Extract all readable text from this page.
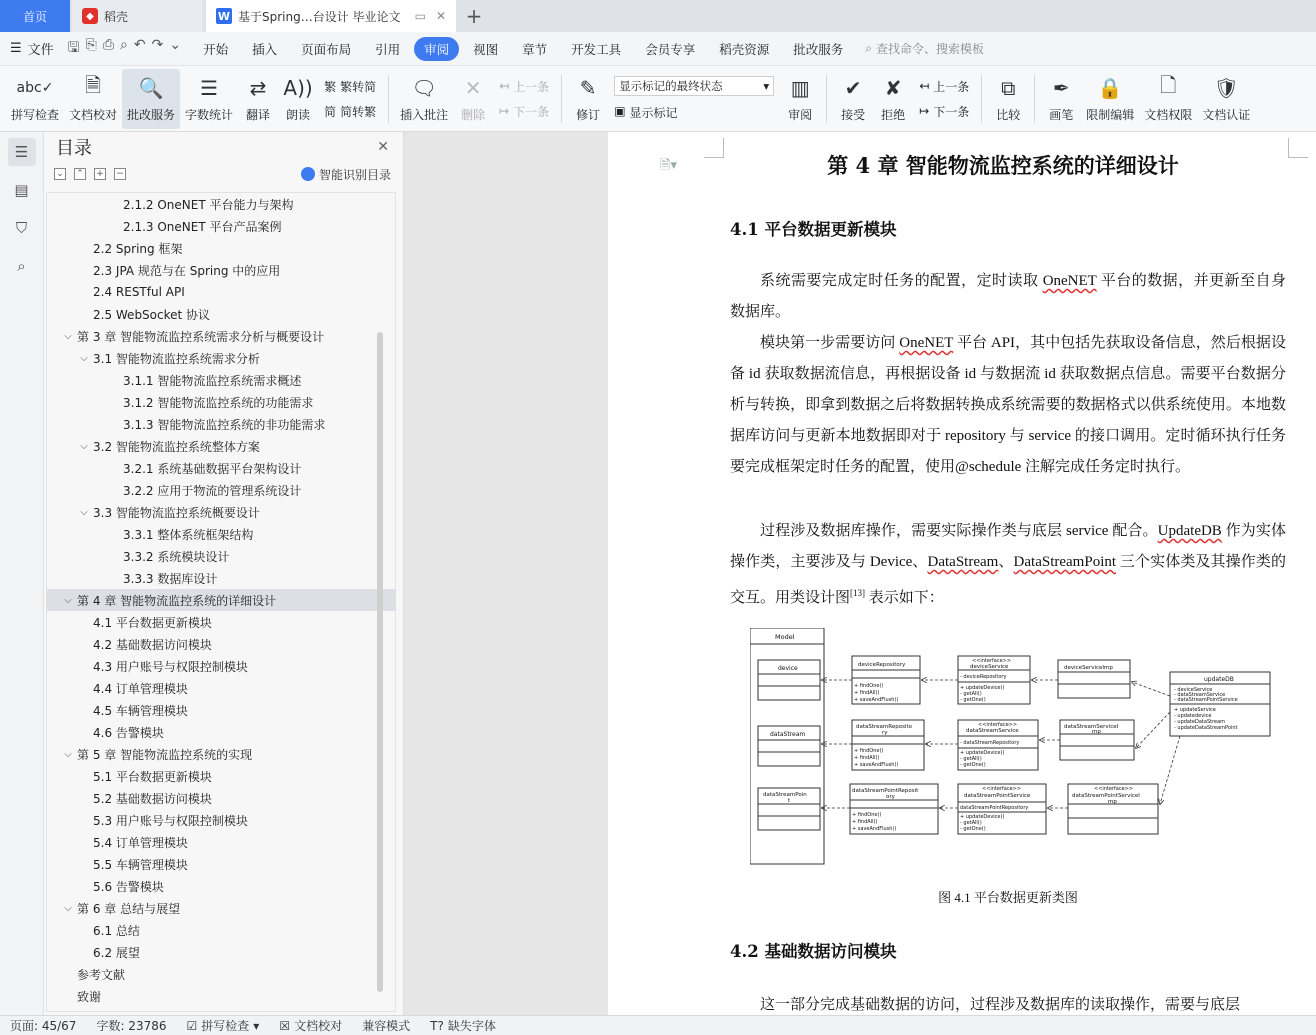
首页	◆ 稻壳	W 基于Spring…台设计 毕业论文	▭ ✕ +
☰ 文件 🖫 ⎘ ⎙ ⌕ ↶ ↷ ⌄	开始	插入	页面布局	引用	审阅	视图	章节	开发工具	会员专享	稻壳资源	批改服务	⌕ 查找命令、搜索模板
abc✓
拼写检查
🗎
文档校对
🔍
批改服务
☰
字数统计
⇄
翻译
A))
朗读
繁 繁转简
简 简转繁
🗨
插入批注
✕
删除
↤ 上一条
↦ 下一条
✎
修订
显示标记的最终状态	▾
▣ 显示标记
▥
审阅
✔
接受
✘
拒绝
↤ 上一条
↦ 下一条
⧉
比较
✒
画笔
🔒
限制编辑
🗋
文档权限
🛡
文档认证
☰
▤
⛉
⌕
目录	✕
⌄ ⌃ + −	智能识别目录
2.1.2 OneNET 平台能力与架构
2.1.3 OneNET 平台产品案例
2.2 Spring 框架
2.3 JPA 规范与在 Spring 中的应用
2.4 RESTful API
2.5 WebSocket 协议
⌵ 第 3 章 智能物流监控系统需求分析与概要设计
⌵ 3.1 智能物流监控系统需求分析
3.1.1 智能物流监控系统需求概述
3.1.2 智能物流监控系统的功能需求
3.1.3 智能物流监控系统的非功能需求
⌵ 3.2 智能物流监控系统整体方案
3.2.1 系统基础数据平台架构设计
3.2.2 应用于物流的管理系统设计
⌵ 3.3 智能物流监控系统概要设计
3.3.1 整体系统框架结构
3.3.2 系统模块设计
3.3.3 数据库设计
⌵ 第 4 章 智能物流监控系统的详细设计
4.1 平台数据更新模块
4.2 基础数据访问模块
4.3 用户账号与权限控制模块
4.4 订单管理模块
4.5 车辆管理模块
4.6 告警模块
⌵ 第 5 章 智能物流监控系统的实现
5.1 平台数据更新模块
5.2 基础数据访问模块
5.3 用户账号与权限控制模块
5.4 订单管理模块
5.5 车辆管理模块
5.6 告警模块
⌵ 第 6 章 总结与展望
6.1 总结
6.2 展望
参考文献
致谢
第 4 章 智能物流监控系统的详细设计
4.1 平台数据更新模块
系统需要完成定时任务的配置，定时读取 OneNET 平台的数据，并更新至自身数据库。
模块第一步需要访问 OneNET 平台 API，其中包括先获取设备信息，然后根据设备 id 获取数据流信息，再根据设备 id 与数据流 id 获取数据点信息。需要平台数据分析与转换，即拿到数据之后将数据转换成系统需要的数据格式以供系统使用。本地数据库访问与更新本地数据即对于 repository 与 service 的接口调用。定时循环执行任务要完成框架定时任务的配置，使用@schedule 注解完成任务定时执行。
过程涉及数据库操作，需要实际操作类与底层 service 配合。UpdateDB 作为实体操作类，主要涉及与 Device、DataStream、DataStreamPoint 三个实体类及其操作类的交互。用类设计图[13] 表示如下：
Model
device
dataStream
dataStreamPoin
t
deviceRepository
+ findOne()
+ findAll()
+ saveAndFlush()
dataStreamReposito
ry
+ findOne()
+ findAll()
+ saveAndFlush()
dataStreamPointReposit
ory
+ findOne()
+ findAll()
+ saveAndFlush()
<<interface>>
deviceService
- deviceRepository
+ updateDevice()
- getAll()
- getOne()
<<interface>>
dataStreamService
- dataStreamRepository
+ updateDevice()
- getAll()
- getOne()
<<interface>>
dataStreamPointService
dataStreamPointRepository
+ updateDevice()
- getAll()
- getOne()
deviceServiceImp
dataStreamServiceI
mp
<<interface>>
dataStreamPointServiceI
mp
updateDB
- deviceService
- dataStreamService
- dataStreamPointService
+ updateService
- updatedevice
- updateDataStream
- updateDataStreamPoint
图 4.1 平台数据更新类图
4.2 基础数据访问模块
这一部分完成基础数据的访问，过程涉及数据库的读取操作，需要与底层
🗎▾
页面: 45/67 字数: 23786 ☑ 拼写检查 ▾ ☒ 文档校对 兼容模式 T? 缺失字体
